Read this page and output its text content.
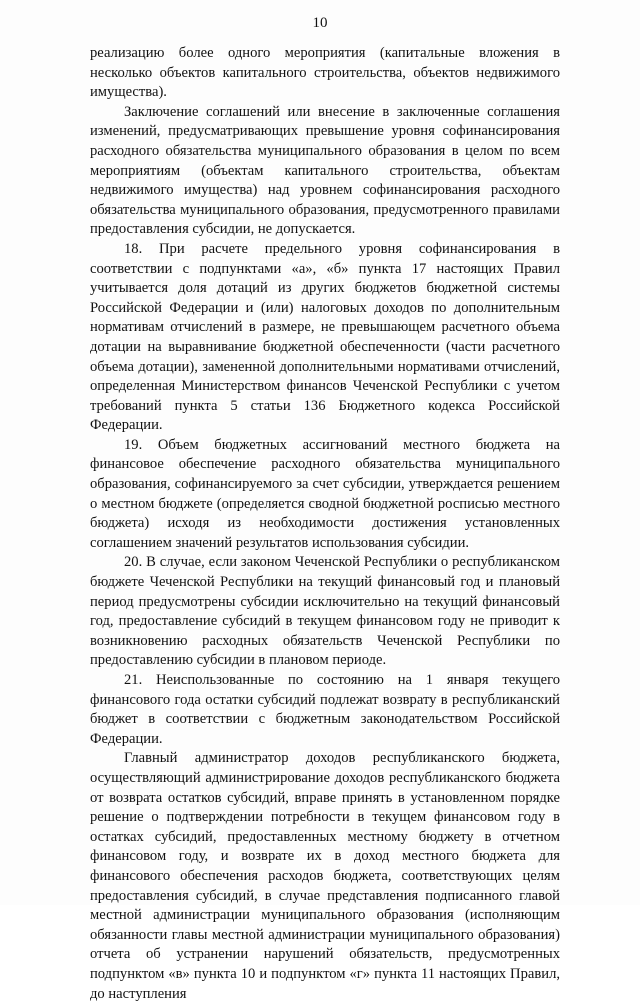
10

реализацию более одного мероприятия (капитальные вложения в несколько объектов капитального строительства, объектов недвижимого имущества).

Заключение соглашений или внесение в заключенные соглашения изменений, предусматривающих превышение уровня софинансирования расходного обязательства муниципального образования в целом по всем мероприятиям (объектам капитального строительства, объектам недвижимого имущества) над уровнем софинансирования расходного обязательства муниципального образования, предусмотренного правилами предоставления субсидии, не допускается.

18. При расчете предельного уровня софинансирования в соответствии с подпунктами «а», «б» пункта 17 настоящих Правил учитывается доля дотаций из других бюджетов бюджетной системы Российской Федерации и (или) налоговых доходов по дополнительным нормативам отчислений в размере, не превышающем расчетного объема дотации на выравнивание бюджетной обеспеченности (части расчетного объема дотации), замененной дополнительными нормативами отчислений, определенная Министерством финансов Чеченской Республики с учетом требований пункта 5 статьи 136 Бюджетного кодекса Российской Федерации.

19. Объем бюджетных ассигнований местного бюджета на финансовое обеспечение расходного обязательства муниципального образования, софинансируемого за счет субсидии, утверждается решением о местном бюджете (определяется сводной бюджетной росписью местного бюджета) исходя из необходимости достижения установленных соглашением значений результатов использования субсидии.

20. В случае, если законом Чеченской Республики о республиканском бюджете Чеченской Республики на текущий финансовый год и плановый период предусмотрены субсидии исключительно на текущий финансовый год, предоставление субсидий в текущем финансовом году не приводит к возникновению расходных обязательств Чеченской Республики по предоставлению субсидии в плановом периоде.

21. Неиспользованные по состоянию на 1 января текущего финансового года остатки субсидий подлежат возврату в республиканский бюджет в соответствии с бюджетным законодательством Российской Федерации.

Главный администратор доходов республиканского бюджета, осуществляющий администрирование доходов республиканского бюджета от возврата остатков субсидий, вправе принять в установленном порядке решение о подтверждении потребности в текущем финансовом году в остатках субсидий, предоставленных местному бюджету в отчетном финансовом году, и возврате их в доход местного бюджета для финансового обеспечения расходов бюджета, соответствующих целям предоставления субсидий, в случае представления подписанного главой местной администрации муниципального образования (исполняющим обязанности главы местной администрации муниципального образования) отчета об устранении нарушений обязательств, предусмотренных подпунктом «в» пункта 10 и подпунктом «г» пункта 11 настоящих Правил, до наступления
